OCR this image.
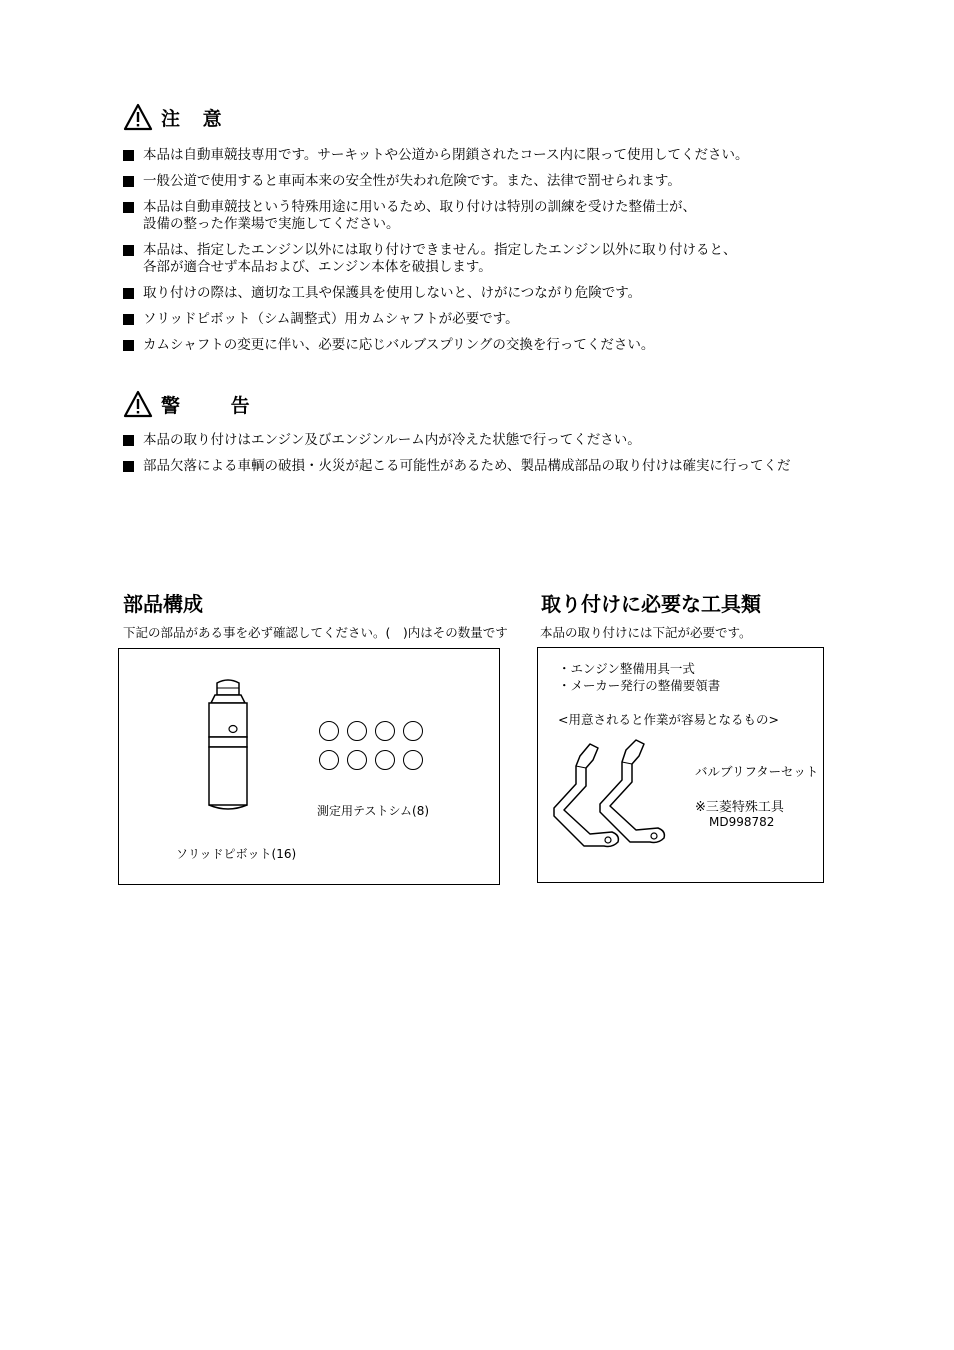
注 意
本品は自動車競技専用です。サーキットや公道から閉鎖されたコース内に限って使用してください。
一般公道で使用すると車両本来の安全性が失われ危険です。また、法律で罰せられます。
本品は自動車競技という特殊用途に用いるため、取り付けは特別の訓練を受けた整備士が、
設備の整った作業場で実施してください。
本品は、指定したエンジン以外には取り付けできません。指定したエンジン以外に取り付けると、
各部が適合せず本品および、エンジン本体を破損します。
取り付けの際は、適切な工具や保護具を使用しないと、けがにつながり危険です。
ソリッドピボット（シム調整式）用カムシャフトが必要です。
カムシャフトの変更に伴い、必要に応じバルブスプリングの交換を行ってください。
警 告
本品の取り付けはエンジン及びエンジンルーム内が冷えた状態で行ってください。
部品欠落による車輌の破損・火災が起こる可能性があるため、製品構成部品の取り付けは確実に行ってくだ
部品構成
下記の部品がある事を必ず確認してください。(　)内はその数量です
測定用テストシム(8)
ソリッドピボット(16)
取り付けに必要な工具類
本品の取り付けには下記が必要です。
・エンジン整備用具一式
・メーカー発行の整備要領書
<用意されると作業が容易となるもの>
バルブリフターセット
※三菱特殊工具
MD998782
